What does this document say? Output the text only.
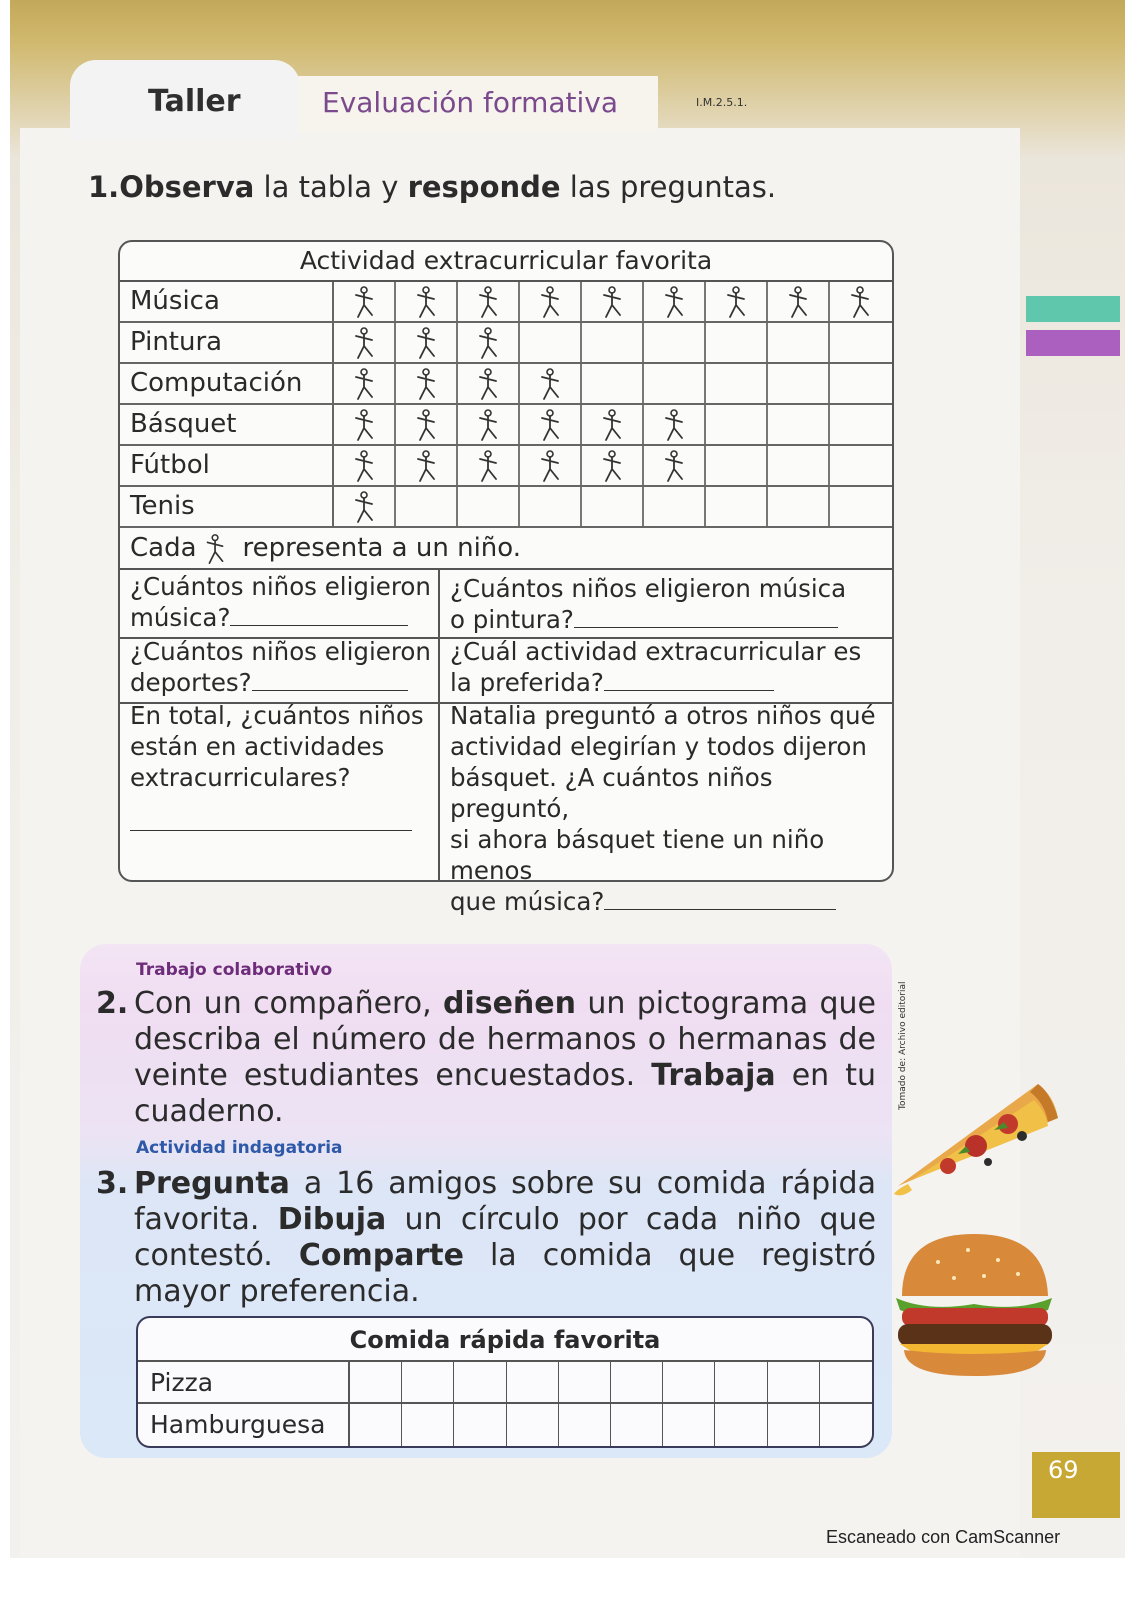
Taller	Evaluación formativa	I.M.2.5.1.
69
1.Observa la tabla y responde las preguntas.
Actividad extracurricular favorita
Música
Pintura
Computación
Básquet
Fútbol
Tenis
Cada representa a un niño.
¿Cuántos niños eligieron
música?
¿Cuántos niños eligieron música
o pintura?
¿Cuántos niños eligieron
deportes?
¿Cuál actividad extracurricular es
la preferida?
En total, ¿cuántos niños
están en actividades
extracurriculares?
Natalia preguntó a otros niños qué
actividad elegirían y todos dijeron
básquet. ¿A cuántos niños preguntó,
si ahora básquet tiene un niño menos
que música?
Trabajo colaborativo
2. Con un compañero, diseñen un pictograma que describa el número de hermanos o hermanas de veinte estudiantes encuestados. Trabaja en tu cuaderno.
Actividad indagatoria
3. Pregunta a 16 amigos sobre su comida rápida favorita. Dibuja un círculo por cada niño que contestó. Comparte la comida que registró mayor preferencia.
Comida rápida favorita
Pizza
Hamburguesa
Tomado de: Archivo editorial
Escaneado con CamScanner
